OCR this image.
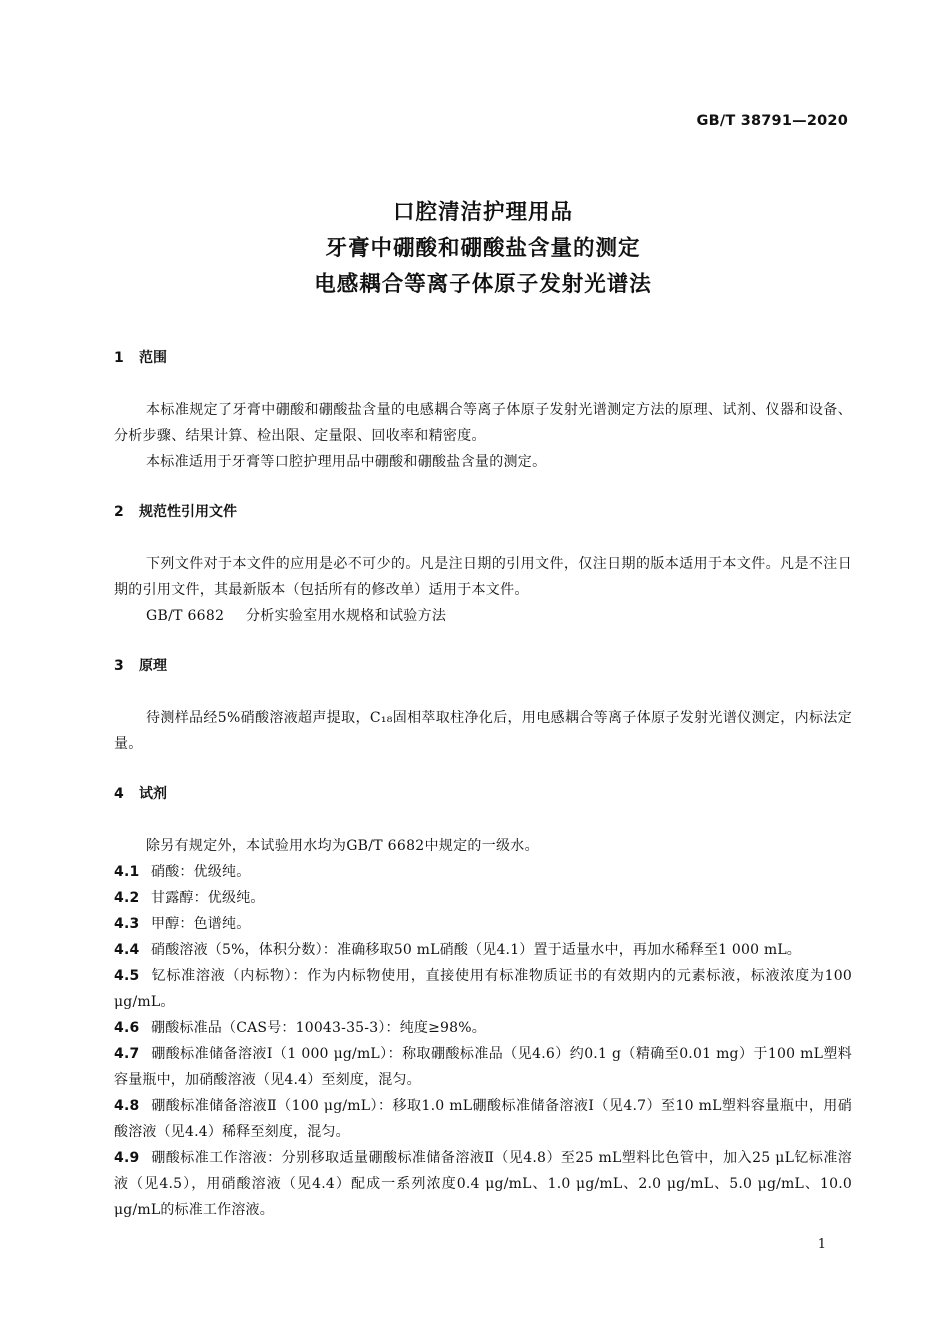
GB/T 38791—2020
口腔清洁护理用品
牙膏中硼酸和硼酸盐含量的测定
电感耦合等离子体原子发射光谱法
1 范围

本标准规定了牙膏中硼酸和硼酸盐含量的电感耦合等离子体原子发射光谱测定方法的原理、试剂、仪器和设备、分析步骤、结果计算、检出限、定量限、回收率和精密度。

本标准适用于牙膏等口腔护理用品中硼酸和硼酸盐含量的测定。

2 规范性引用文件

下列文件对于本文件的应用是必不可少的。凡是注日期的引用文件，仅注日期的版本适用于本文件。凡是不注日期的引用文件，其最新版本（包括所有的修改单）适用于本文件。

GB/T 6682 分析实验室用水规格和试验方法
3 原理

待测样品经5%硝酸溶液超声提取，C₁₈固相萃取柱净化后，用电感耦合等离子体原子发射光谱仪测定，内标法定量。

4 试剂

除另有规定外，本试验用水均为GB/T 6682中规定的一级水。

4.1 硝酸：优级纯。

4.2 甘露醇：优级纯。

4.3 甲醇：色谱纯。

4.4 硝酸溶液（5%，体积分数）：准确移取50 mL硝酸（见4.1）置于适量水中，再加水稀释至1 000 mL。

4.5 钇标准溶液（内标物）：作为内标物使用，直接使用有标准物质证书的有效期内的元素标液，标液浓度为100 μg/mL。

4.6 硼酸标准品（CAS号：10043-35-3）：纯度≥98%。

4.7 硼酸标准储备溶液Ⅰ（1 000 μg/mL）：称取硼酸标准品（见4.6）约0.1 g（精确至0.01 mg）于100 mL塑料容量瓶中，加硝酸溶液（见4.4）至刻度，混匀。

4.8 硼酸标准储备溶液Ⅱ（100 μg/mL）：移取1.0 mL硼酸标准储备溶液Ⅰ（见4.7）至10 mL塑料容量瓶中，用硝酸溶液（见4.4）稀释至刻度，混匀。

4.9 硼酸标准工作溶液：分别移取适量硼酸标准储备溶液Ⅱ（见4.8）至25 mL塑料比色管中，加入25 μL钇标准溶液（见4.5），用硝酸溶液（见4.4）配成一系列浓度0.4 μg/mL、1.0 μg/mL、2.0 μg/mL、5.0 μg/mL、10.0 μg/mL的标准工作溶液。

1
